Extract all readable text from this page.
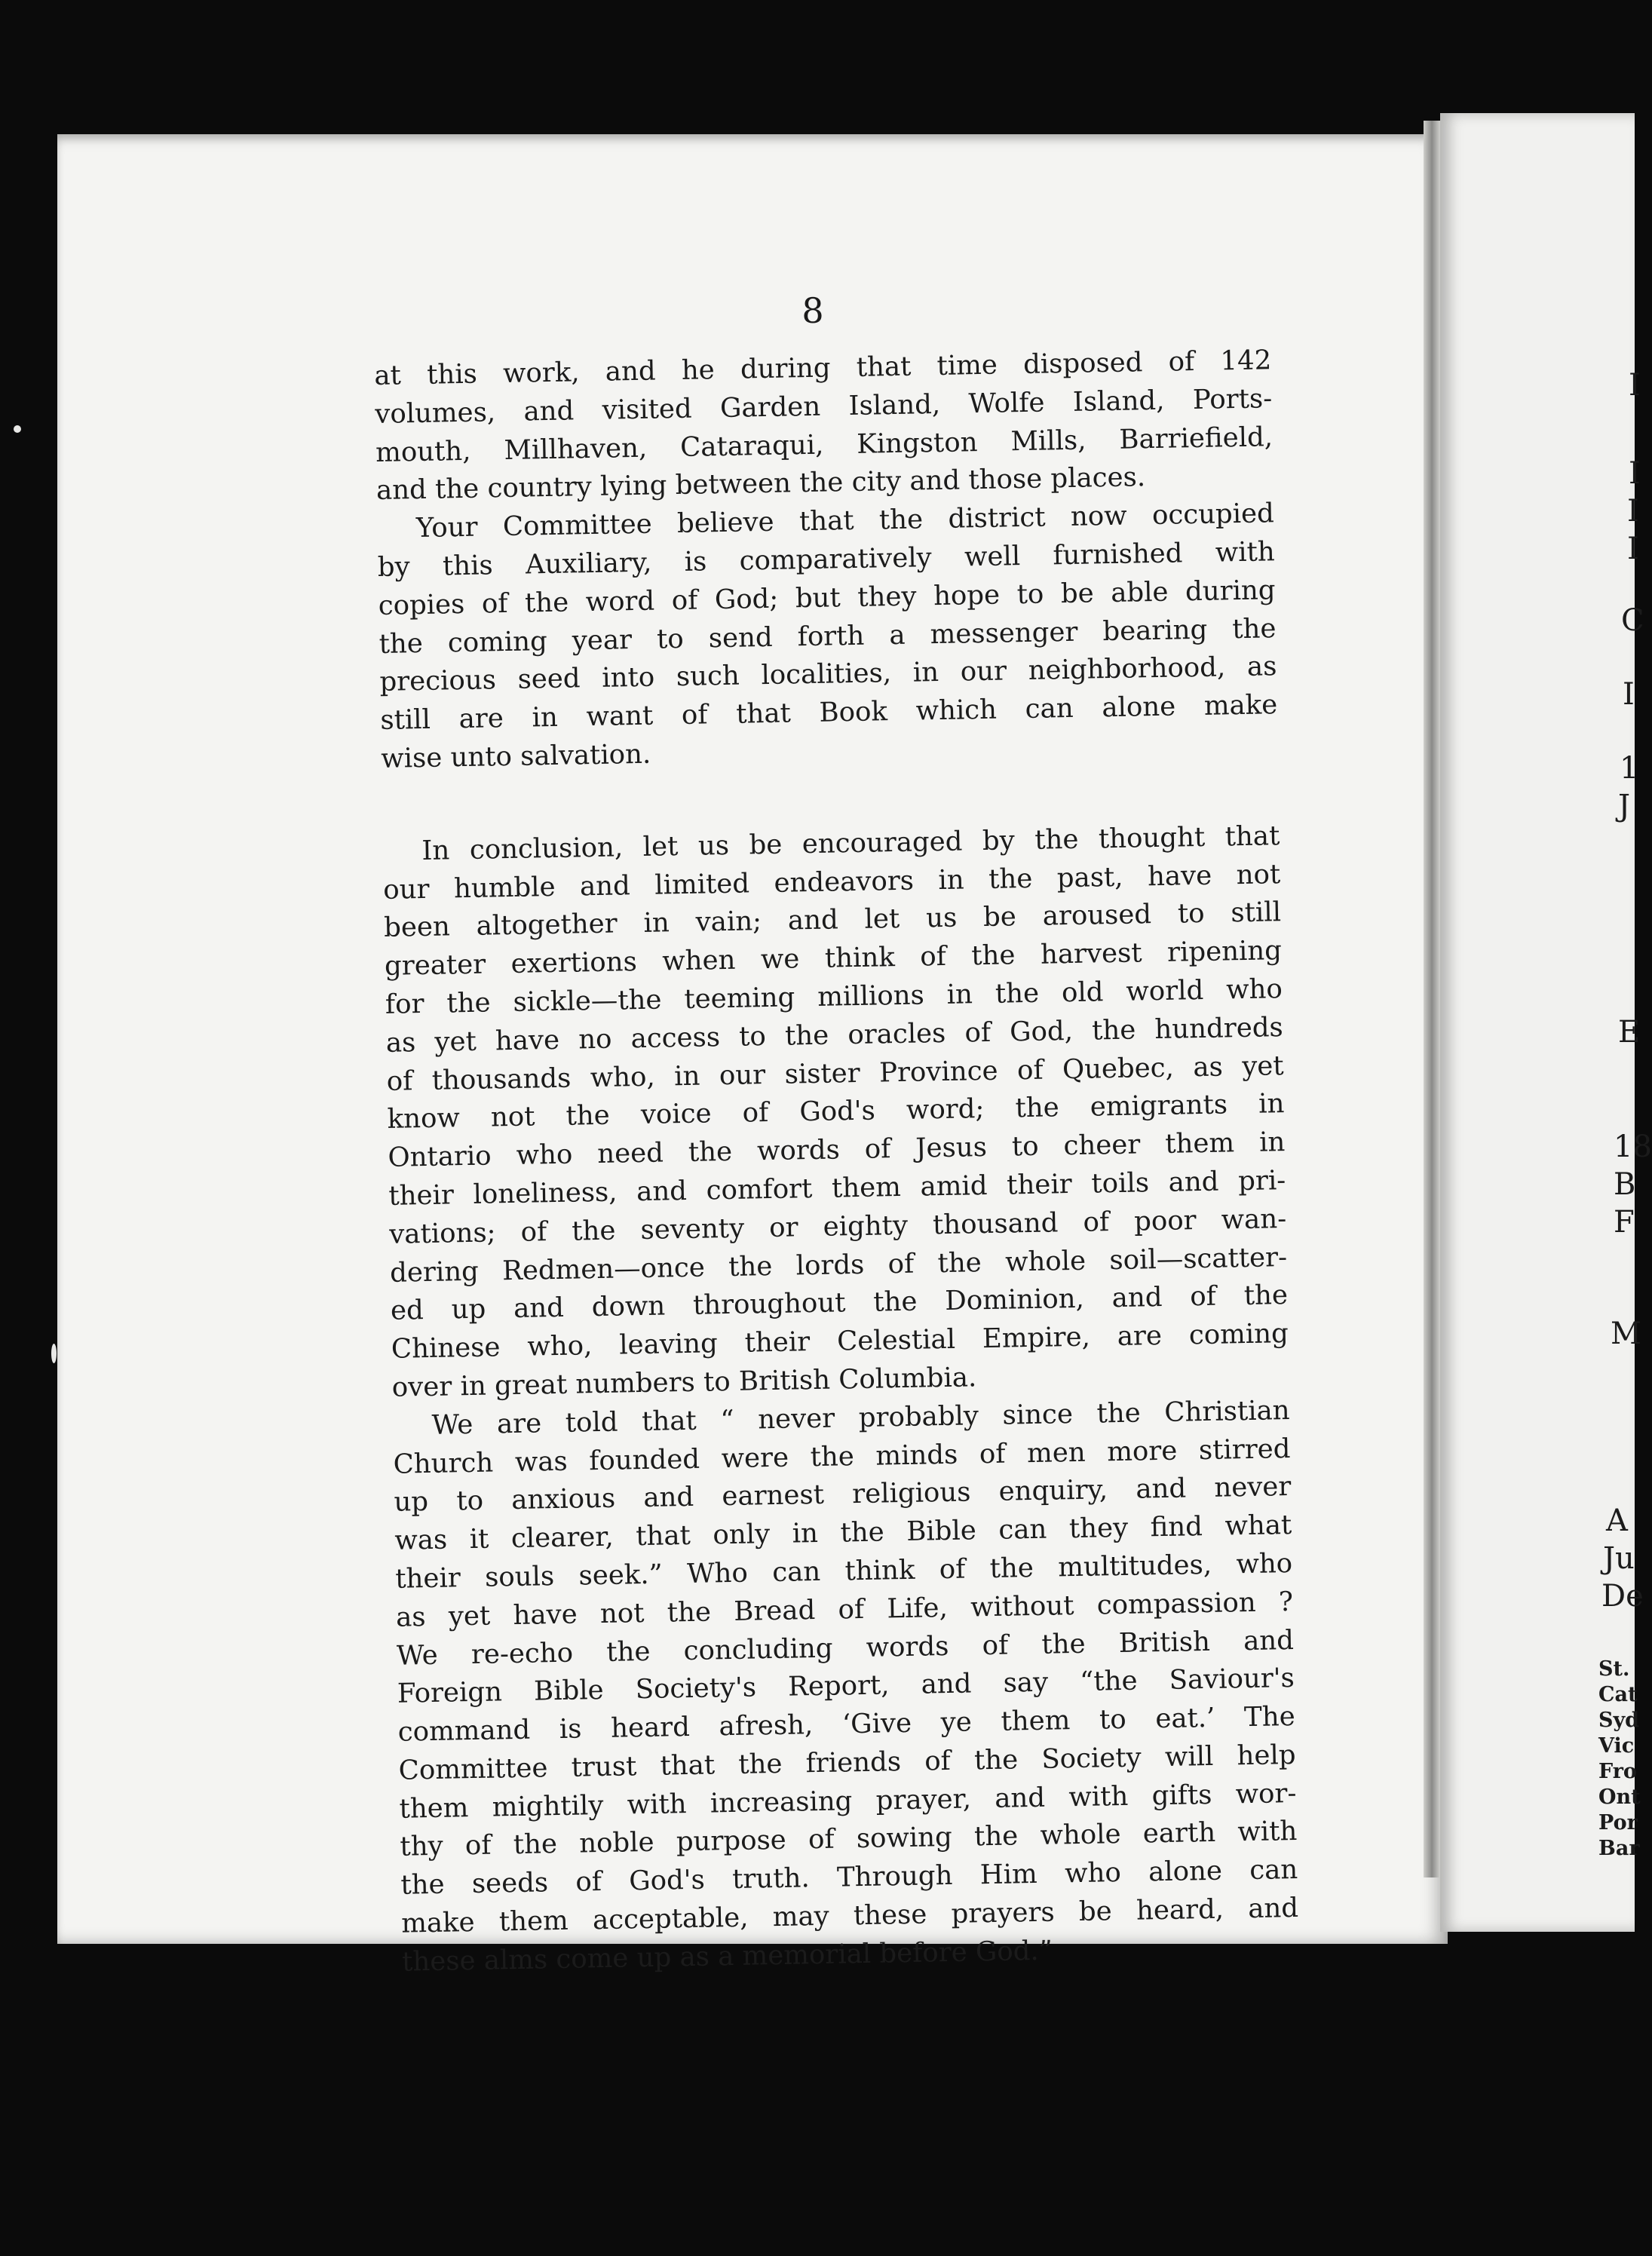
8
at this work, and he during that time disposed of 142
volumes, and visited Garden Island, Wolfe Island, Ports-
mouth, Millhaven, Cataraqui, Kingston Mills, Barriefield,
and the country lying between the city and those places.
Your Committee believe that the district now occupied
by this Auxiliary, is comparatively well furnished with
copies of the word of God; but they hope to be able during
the coming year to send forth a messenger bearing the
precious seed into such localities, in our neighborhood, as
still are in want of that Book which can alone make
wise unto salvation.
In conclusion, let us be encouraged by the thought that
our humble and limited endeavors in the past, have not
been altogether in vain; and let us be aroused to still
greater exertions when we think of the harvest ripening
for the sickle—the teeming millions in the old world who
as yet have no access to the oracles of God, the hundreds
of thousands who, in our sister Province of Quebec, as yet
know not the voice of God's word; the emigrants in
Ontario who need the words of Jesus to cheer them in
their loneliness, and comfort them amid their toils and pri-
vations; of the seventy or eighty thousand of poor wan-
dering Redmen—once the lords of the whole soil—scatter-
ed up and down throughout the Dominion, and of the
Chinese who, leaving their Celestial Empire, are coming
over in great numbers to British Columbia.
We are told that “ never probably since the Christian
Church was founded were the minds of men more stirred
up to anxious and earnest religious enquiry, and never
was it clearer, that only in the Bible can they find what
their souls seek.” Who can think of the multitudes, who
as yet have not the Bread of Life, without compassion ?
We re-echo the concluding words of the British and
Foreign Bible Society's Report, and say “the Saviour's
command is heard afresh, ‘Give ye them to eat.’ The
Committee trust that the friends of the Society will help
them mightily with increasing prayer, and with gifts wor-
thy of the noble purpose of sowing the whole earth with
the seeds of God's truth. Through Him who alone can
make them acceptable, may these prayers be heard, and
these alms come up as a memorial before God.”
I
I
I
I
C
I
1
J
E
18
B
F
M
A
Ju
De
St.
Cat
Syd
Vic
Fro
Ont
Por
Bar
